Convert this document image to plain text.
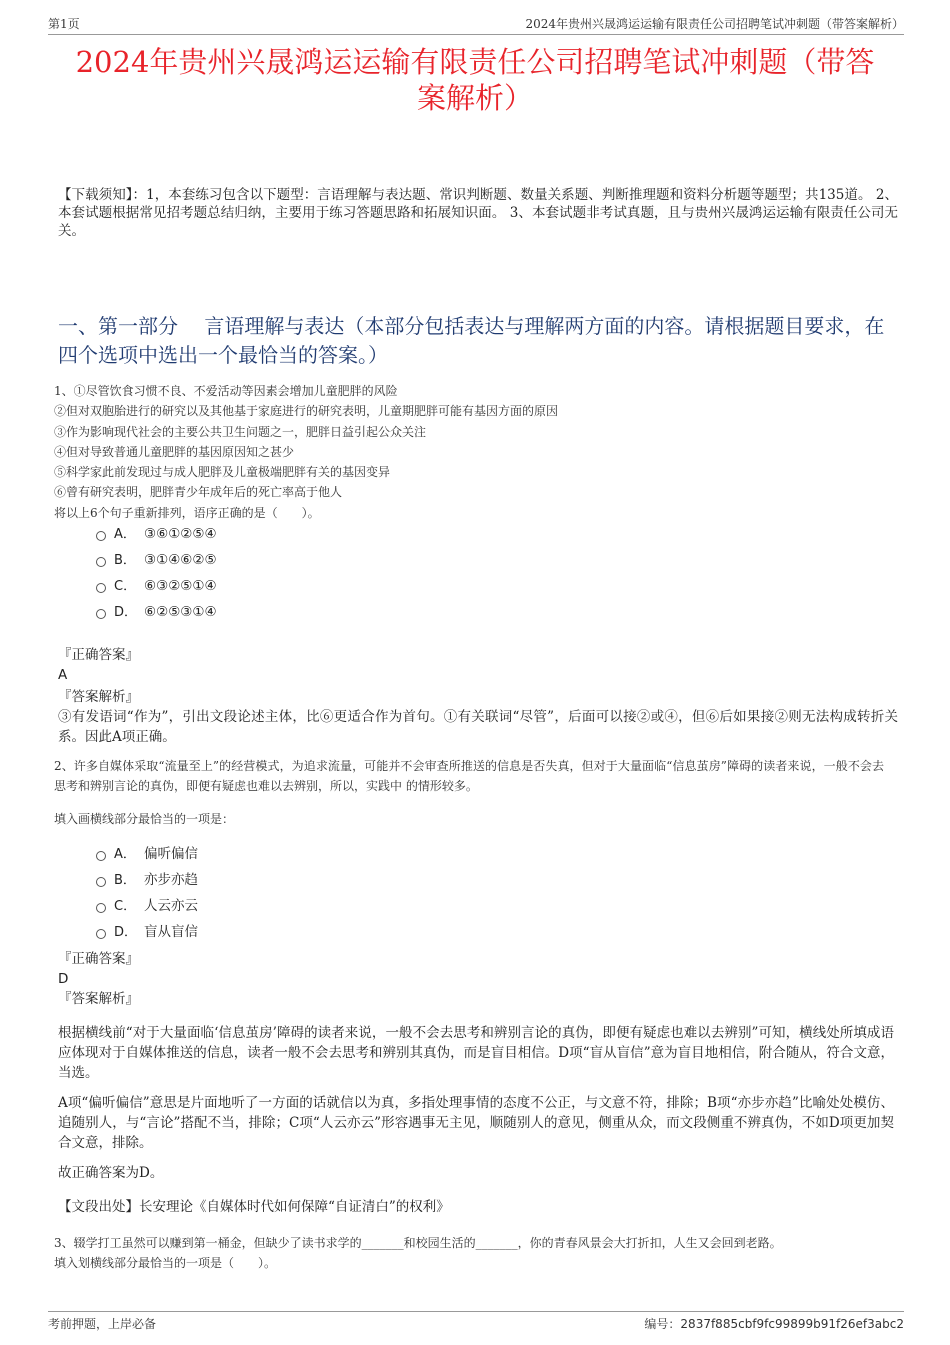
第1页	2024年贵州兴晟鸿运运输有限责任公司招聘笔试冲刺题（带答案解析）
2024年贵州兴晟鸿运运输有限责任公司招聘笔试冲刺题（带答
案解析）
【下载须知】：1，本套练习包含以下题型：言语理解与表达题、常识判断题、数量关系题、判断推理题和资料分析题等题型；共135道。 2、本套试题根据常见招考题总结归纳，主要用于练习答题思路和拓展知识面。 3、本套试题非考试真题，且与贵州兴晟鸿运运输有限责任公司无关。
一、第一部分　 言语理解与表达（本部分包括表达与理解两方面的内容。请根据题目要求，在四个选项中选出一个最恰当的答案。）
1、①尽管饮食习惯不良、不爱活动等因素会增加儿童肥胖的风险
②但对双胞胎进行的研究以及其他基于家庭进行的研究表明，儿童期肥胖可能有基因方面的原因
③作为影响现代社会的主要公共卫生问题之一，肥胖日益引起公众关注
④但对导致普通儿童肥胖的基因原因知之甚少
⑤科学家此前发现过与成人肥胖及儿童极端肥胖有关的基因变异
⑥曾有研究表明，肥胖青少年成年后的死亡率高于他人
将以上6个句子重新排列，语序正确的是（　　）。
A． ③⑥①②⑤④
B． ③①④⑥②⑤
C． ⑥③②⑤①④
D． ⑥②⑤③①④
『正确答案』
A
『答案解析』
③有发语词“作为”，引出文段论述主体，比⑥更适合作为首句。①有关联词“尽管”，后面可以接②或④，但⑥后如果接②则无法构成转折关系。因此A项正确。
2、许多自媒体采取“流量至上”的经营模式，为追求流量，可能并不会审查所推送的信息是否失真，但对于大量面临“信息茧房”障碍的读者来说，一般不会去思考和辨别言论的真伪，即便有疑虑也难以去辨别，所以，实践中 的情形较多。
填入画横线部分最恰当的一项是：
A． 偏听偏信
B． 亦步亦趋
C． 人云亦云
D． 盲从盲信
『正确答案』
D
『答案解析』
根据横线前“对于大量面临‘信息茧房’障碍的读者来说，一般不会去思考和辨别言论的真伪，即便有疑虑也难以去辨别”可知，横线处所填成语应体现对于自媒体推送的信息，读者一般不会去思考和辨别其真伪，而是盲目相信。D项“盲从盲信”意为盲目地相信，附合随从，符合文意，当选。
A项“偏听偏信”意思是片面地听了一方面的话就信以为真，多指处理事情的态度不公正，与文意不符，排除；B项“亦步亦趋”比喻处处模仿、追随别人，与“言论”搭配不当，排除；C项“人云亦云”形容遇事无主见，顺随别人的意见，侧重从众，而文段侧重不辨真伪，不如D项更加契合文意，排除。
故正确答案为D。
【文段出处】长安理论《自媒体时代如何保障“自证清白”的权利》
3、辍学打工虽然可以赚到第一桶金，但缺少了读书求学的_______和校园生活的_______，你的青春风景会大打折扣，人生又会回到老路。
填入划横线部分最恰当的一项是（　　）。
考前押题，上岸必备	编号：2837f885cbf9fc99899b91f26ef3abc2
